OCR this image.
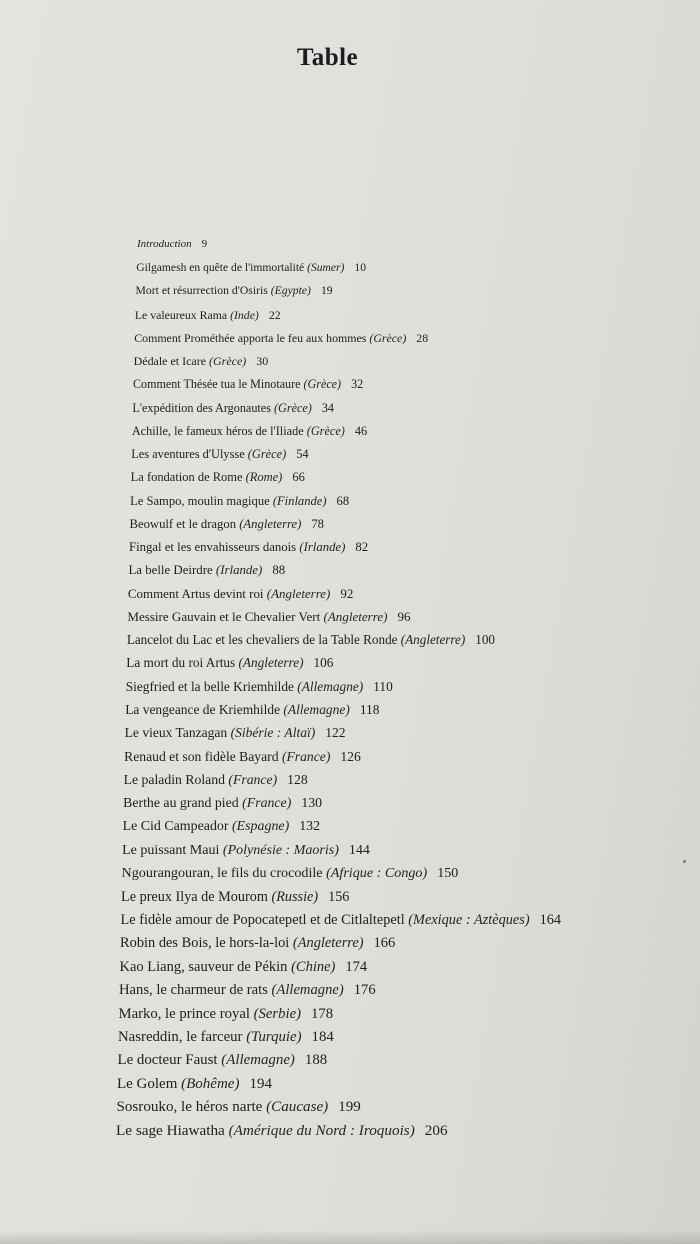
Table
Introduction 9
Gilgamesh en quête de l'immortalité (Sumer) 10
Mort et résurrection d'Osiris (Egypte) 19
Le valeureux Rama (Inde) 22
Comment Prométhée apporta le feu aux hommes (Grèce) 28
Dédale et Icare (Grèce) 30
Comment Thésée tua le Minotaure (Grèce) 32
L'expédition des Argonautes (Grèce) 34
Achille, le fameux héros de l'Iliade (Grèce) 46
Les aventures d'Ulysse (Grèce) 54
La fondation de Rome (Rome) 66
Le Sampo, moulin magique (Finlande) 68
Beowulf et le dragon (Angleterre) 78
Fingal et les envahisseurs danois (Irlande) 82
La belle Deirdre (Irlande) 88
Comment Artus devint roi (Angleterre) 92
Messire Gauvain et le Chevalier Vert (Angleterre) 96
Lancelot du Lac et les chevaliers de la Table Ronde (Angleterre) 100
La mort du roi Artus (Angleterre) 106
Siegfried et la belle Kriemhilde (Allemagne) 110
La vengeance de Kriemhilde (Allemagne) 118
Le vieux Tanzagan (Sibérie : Altaï) 122
Renaud et son fidèle Bayard (France) 126
Le paladin Roland (France) 128
Berthe au grand pied (France) 130
Le Cid Campeador (Espagne) 132
Le puissant Maui (Polynésie : Maoris) 144
Ngourangouran, le fils du crocodile (Afrique : Congo) 150
Le preux Ilya de Mourom (Russie) 156
Le fidèle amour de Popocatepetl et de Citlaltepetl (Mexique : Aztèques) 164
Robin des Bois, le hors-la-loi (Angleterre) 166
Kao Liang, sauveur de Pékin (Chine) 174
Hans, le charmeur de rats (Allemagne) 176
Marko, le prince royal (Serbie) 178
Nasreddin, le farceur (Turquie) 184
Le docteur Faust (Allemagne) 188
Le Golem (Bohême) 194
Sosrouko, le héros narte (Caucase) 199
Le sage Hiawatha (Amérique du Nord : Iroquois) 206
